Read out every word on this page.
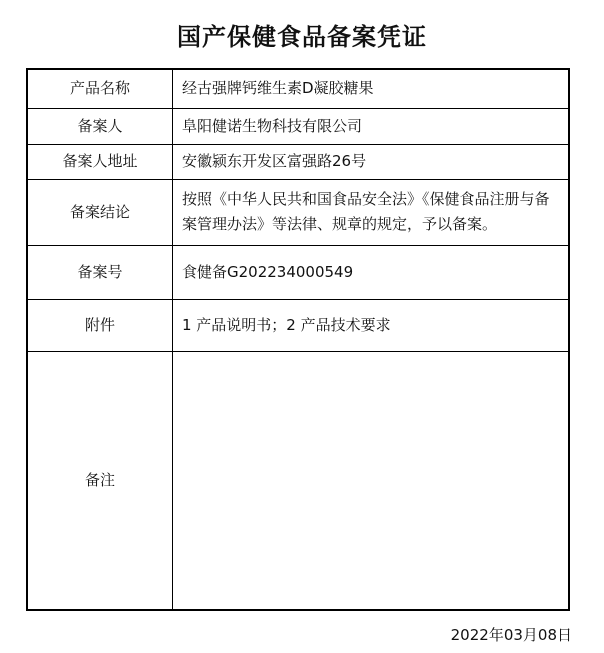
国产保健食品备案凭证
产品名称	经古强牌钙维生素D凝胶糖果
备案人	阜阳健诺生物科技有限公司
备案人地址	安徽颍东开发区富强路26号
备案结论	按照《中华人民共和国食品安全法》《保健食品注册与备案管理办法》等法律、规章的规定，予以备案。
备案号	食健备G202234000549
附件	1 产品说明书；2 产品技术要求
备注	
2022年03月08日
